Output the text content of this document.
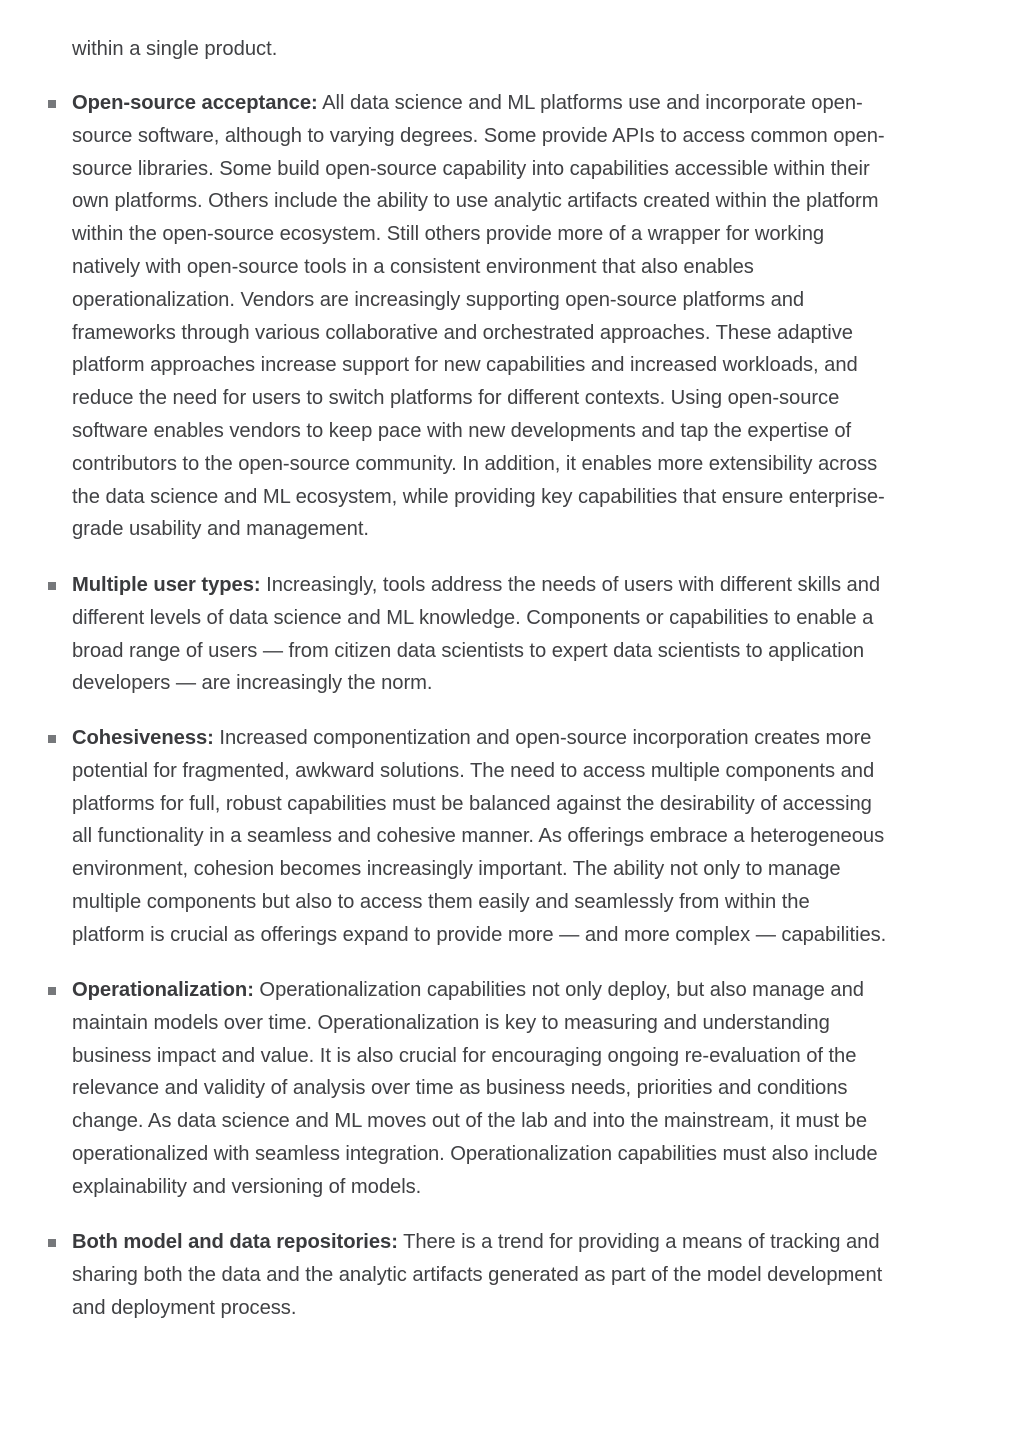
within a single product.
Open-source acceptance: All data science and ML platforms use and incorporate open-
source software, although to varying degrees. Some provide APIs to access common open-
source libraries. Some build open-source capability into capabilities accessible within their
own platforms. Others include the ability to use analytic artifacts created within the platform
within the open-source ecosystem. Still others provide more of a wrapper for working
natively with open-source tools in a consistent environment that also enables
operationalization. Vendors are increasingly supporting open-source platforms and
frameworks through various collaborative and orchestrated approaches. These adaptive
platform approaches increase support for new capabilities and increased workloads, and
reduce the need for users to switch platforms for different contexts. Using open-source
software enables vendors to keep pace with new developments and tap the expertise of
contributors to the open-source community. In addition, it enables more extensibility across
the data science and ML ecosystem, while providing key capabilities that ensure enterprise-
grade usability and management.
Multiple user types: Increasingly, tools address the needs of users with different skills and
different levels of data science and ML knowledge. Components or capabilities to enable a
broad range of users — from citizen data scientists to expert data scientists to application
developers — are increasingly the norm.
Cohesiveness: Increased componentization and open-source incorporation creates more
potential for fragmented, awkward solutions. The need to access multiple components and
platforms for full, robust capabilities must be balanced against the desirability of accessing
all functionality in a seamless and cohesive manner. As offerings embrace a heterogeneous
environment, cohesion becomes increasingly important. The ability not only to manage
multiple components but also to access them easily and seamlessly from within the
platform is crucial as offerings expand to provide more — and more complex — capabilities.
Operationalization: Operationalization capabilities not only deploy, but also manage and
maintain models over time. Operationalization is key to measuring and understanding
business impact and value. It is also crucial for encouraging ongoing re-evaluation of the
relevance and validity of analysis over time as business needs, priorities and conditions
change. As data science and ML moves out of the lab and into the mainstream, it must be
operationalized with seamless integration. Operationalization capabilities must also include
explainability and versioning of models.
Both model and data repositories: There is a trend for providing a means of tracking and
sharing both the data and the analytic artifacts generated as part of the model development
and deployment process.
